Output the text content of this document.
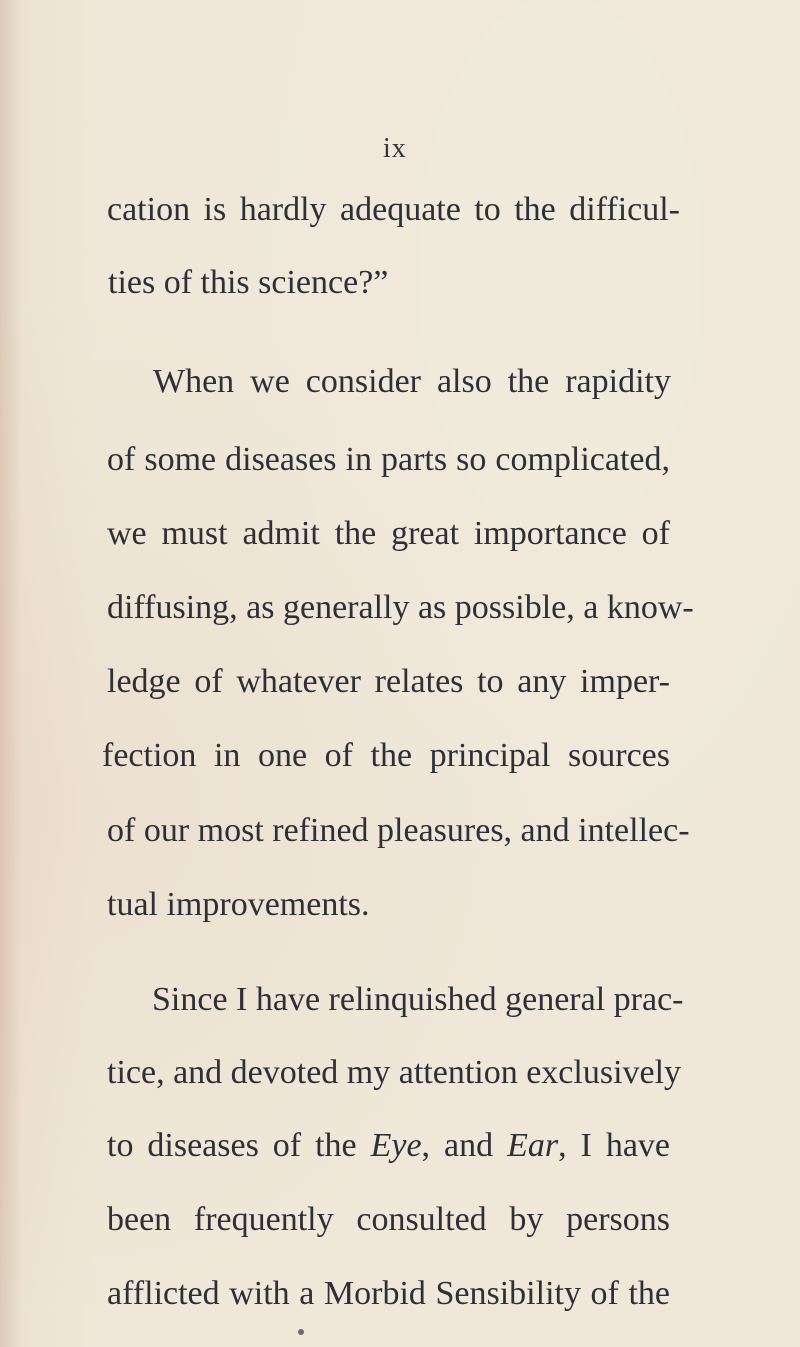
ix
cation is hardly adequate to the difficul-
ties of this science?”
When we consider also the rapidity
of some diseases in parts so complicated,
we must admit the great importance of
diffusing, as generally as possible, a know-
ledge of whatever relates to any imper-
fection in one of the principal sources
of our most refined pleasures, and intellec-
tual improvements.
Since I have relinquished general prac-
tice, and devoted my attention exclusively
to diseases of the Eye, and Ear, I have
been frequently consulted by persons
afflicted with a Morbid Sensibility of the
